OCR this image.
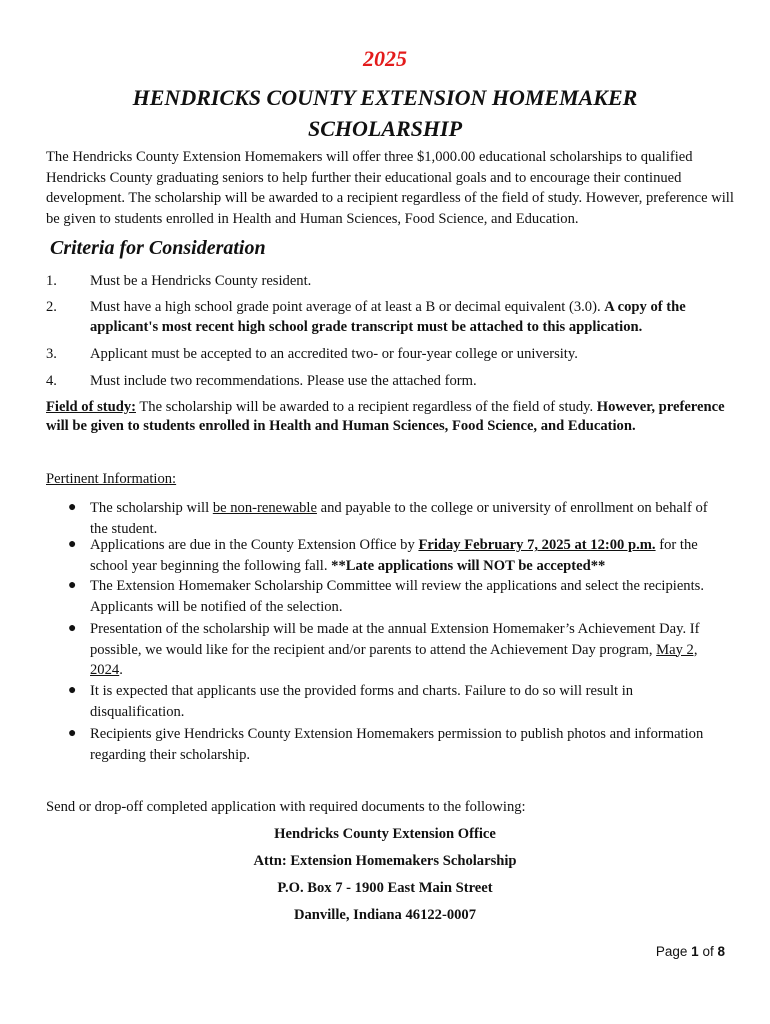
2025
HENDRICKS COUNTY EXTENSION HOMEMAKER
SCHOLARSHIP

The Hendricks County Extension Homemakers will offer three $1,000.00 educational scholarships to qualified Hendricks County graduating seniors to help further their educational goals and to encourage their continued development. The scholarship will be awarded to a recipient regardless of the field of study. However, preference will be given to students enrolled in Health and Human Sciences, Food Science, and Education.

Criteria for Consideration

1. Must be a Hendricks County resident.

2. Must have a high school grade point average of at least a B or decimal equivalent (3.0). A copy of the applicant's most recent high school grade transcript must be attached to this application.

3. Applicant must be accepted to an accredited two- or four-year college or university.

4. Must include two recommendations. Please use the attached form.

Field of study: The scholarship will be awarded to a recipient regardless of the field of study. However, preference will be given to students enrolled in Health and Human Sciences, Food Science, and Education.

Pertinent Information:

● The scholarship will be non-renewable and payable to the college or university of enrollment on behalf of the student.

● Applications are due in the County Extension Office by Friday February 7, 2025 at 12:00 p.m. for the school year beginning the following fall. **Late applications will NOT be accepted**

● The Extension Homemaker Scholarship Committee will review the applications and select the recipients. Applicants will be notified of the selection.

● Presentation of the scholarship will be made at the annual Extension Homemaker’s Achievement Day. If possible, we would like for the recipient and/or parents to attend the Achievement Day program, May 2, 2024.

● It is expected that applicants use the provided forms and charts. Failure to do so will result in disqualification.

● Recipients give Hendricks County Extension Homemakers permission to publish photos and information regarding their scholarship.

Send or drop-off completed application with required documents to the following:

Hendricks County Extension Office

Attn: Extension Homemakers Scholarship

P.O. Box 7 - 1900 East Main Street

Danville, Indiana 46122-0007

Page 1 of 8
